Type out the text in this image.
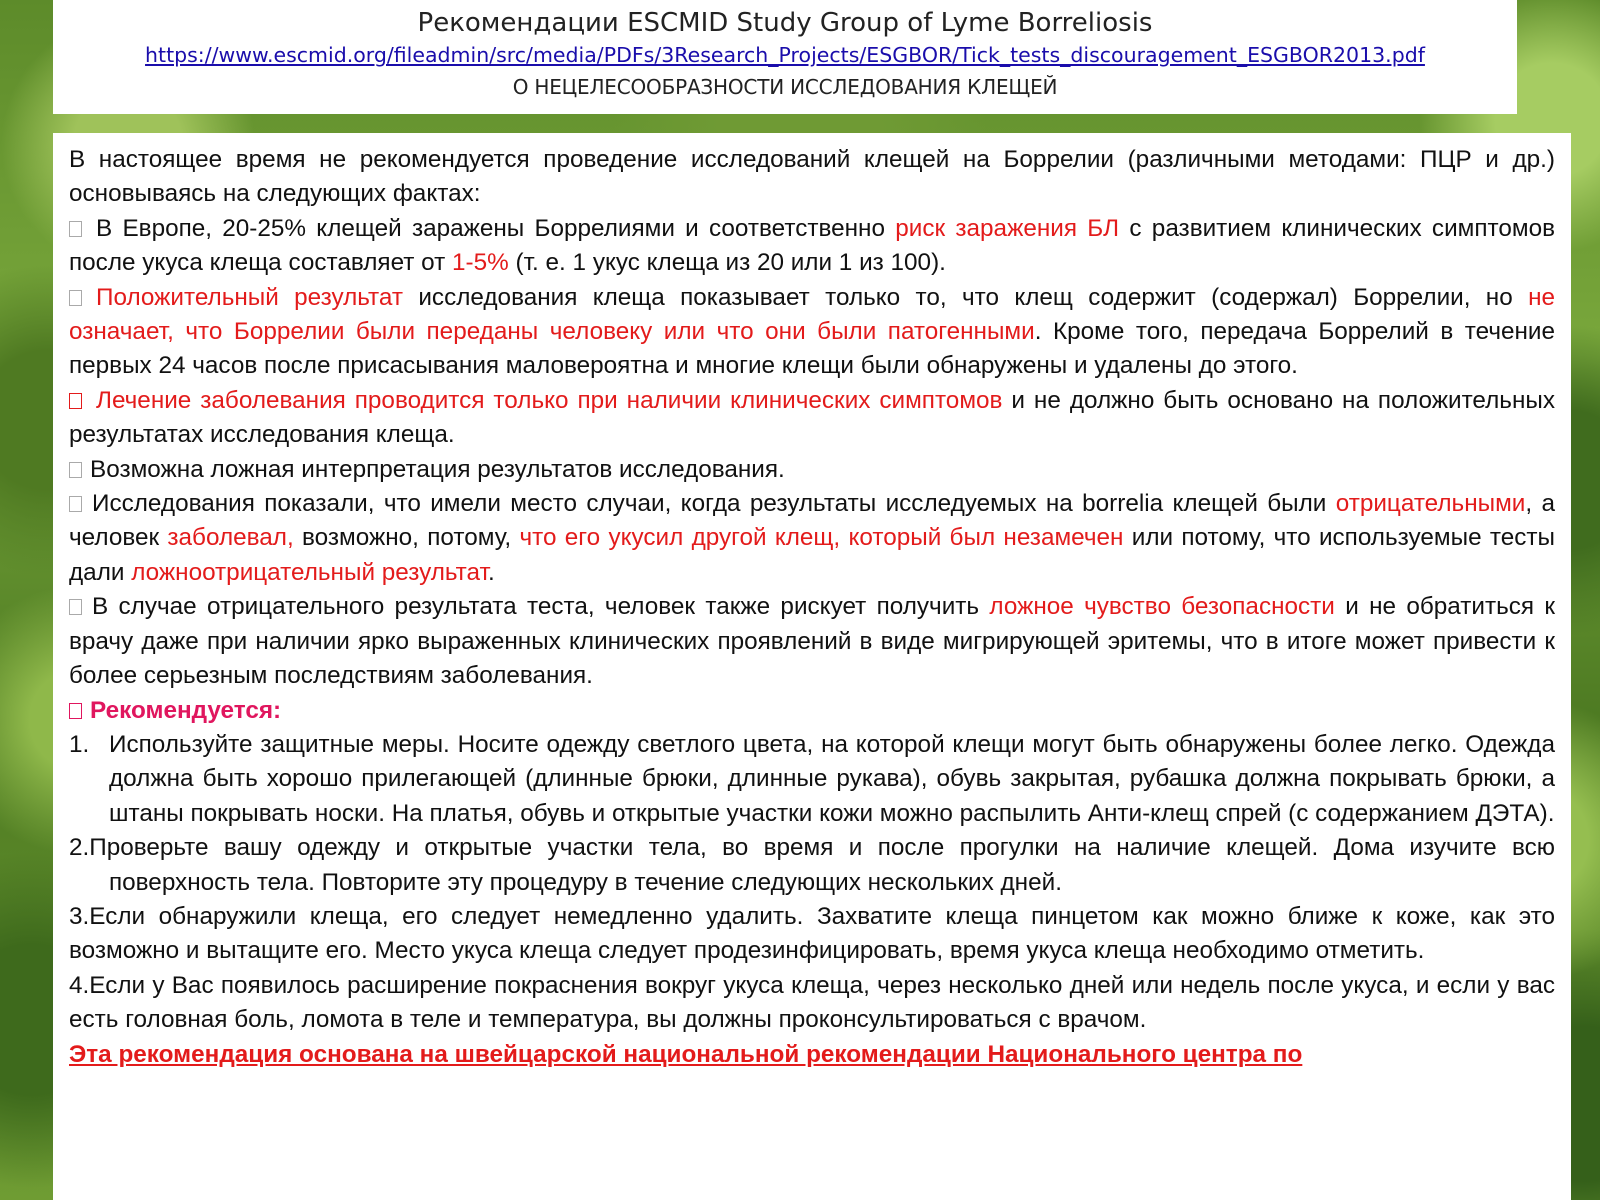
Рекомендации ESCMID Study Group of Lyme Borreliosis
https://www.escmid.org/fileadmin/src/media/PDFs/3Research_Projects/ESGBOR/Tick_tests_discouragement_ESGBOR2013.pdf
О НЕЦЕЛЕСООБРАЗНОСТИ ИССЛЕДОВАНИЯ КЛЕЩЕЙ

В настоящее время не рекомендуется проведение исследований клещей на Боррелии (различными методами: ПЦР и др.) основываясь на следующих фактах:

В Европе, 20-25% клещей заражены Боррелиями и соответственно риск заражения БЛ с развитием клинических симптомов после укуса клеща составляет от 1-5% (т. е. 1 укус клеща из 20 или 1 из 100).

Положительный результат исследования клеща показывает только то, что клещ содержит (содержал) Боррелии, но не означает, что Боррелии были переданы человеку или что они были патогенными. Кроме того, передача Боррелий в течение первых 24 часов после присасывания маловероятна и многие клещи были обнаружены и удалены до этого.

Лечение заболевания проводится только при наличии клинических симптомов и не должно быть основано на положительных результатах исследования клеща.

Возможна ложная интерпретация результатов исследования.

Исследования показали, что имели место случаи, когда результаты исследуемых на borrelia клещей были отрицательными, а человек заболевал, возможно, потому, что его укусил другой клещ, который был незамечен или потому, что используемые тесты дали ложноотрицательный результат.

В случае отрицательного результата теста, человек также рискует получить ложное чувство безопасности и не обратиться к врачу даже при наличии ярко выраженных клинических проявлений в виде мигрирующей эритемы, что в итоге может привести к более серьезным последствиям заболевания.

Рекомендуется:

1. Используйте защитные меры. Носите одежду светлого цвета, на которой клещи могут быть обнаружены более легко. Одежда должна быть хорошо прилегающей (длинные брюки, длинные рукава), обувь закрытая, рубашка должна покрывать брюки, а штаны покрывать носки. На платья, обувь и открытые участки кожи можно распылить Анти-клещ спрей (с содержанием ДЭТА).

2.Проверьте вашу одежду и открытые участки тела, во время и после прогулки на наличие клещей. Дома изучите всю поверхность тела. Повторите эту процедуру в течение следующих нескольких дней.

3.Если обнаружили клеща, его следует немедленно удалить. Захватите клеща пинцетом как можно ближе к коже, как это возможно и вытащите его. Место укуса клеща следует продезинфицировать, время укуса клеща необходимо отметить.

4.Если у Вас появилось расширение покраснения вокруг укуса клеща, через несколько дней или недель после укуса, и если у вас есть головная боль, ломота в теле и температура, вы должны проконсультироваться с врачом.

Эта рекомендация основана на швейцарской национальной рекомендации Национального центра по
